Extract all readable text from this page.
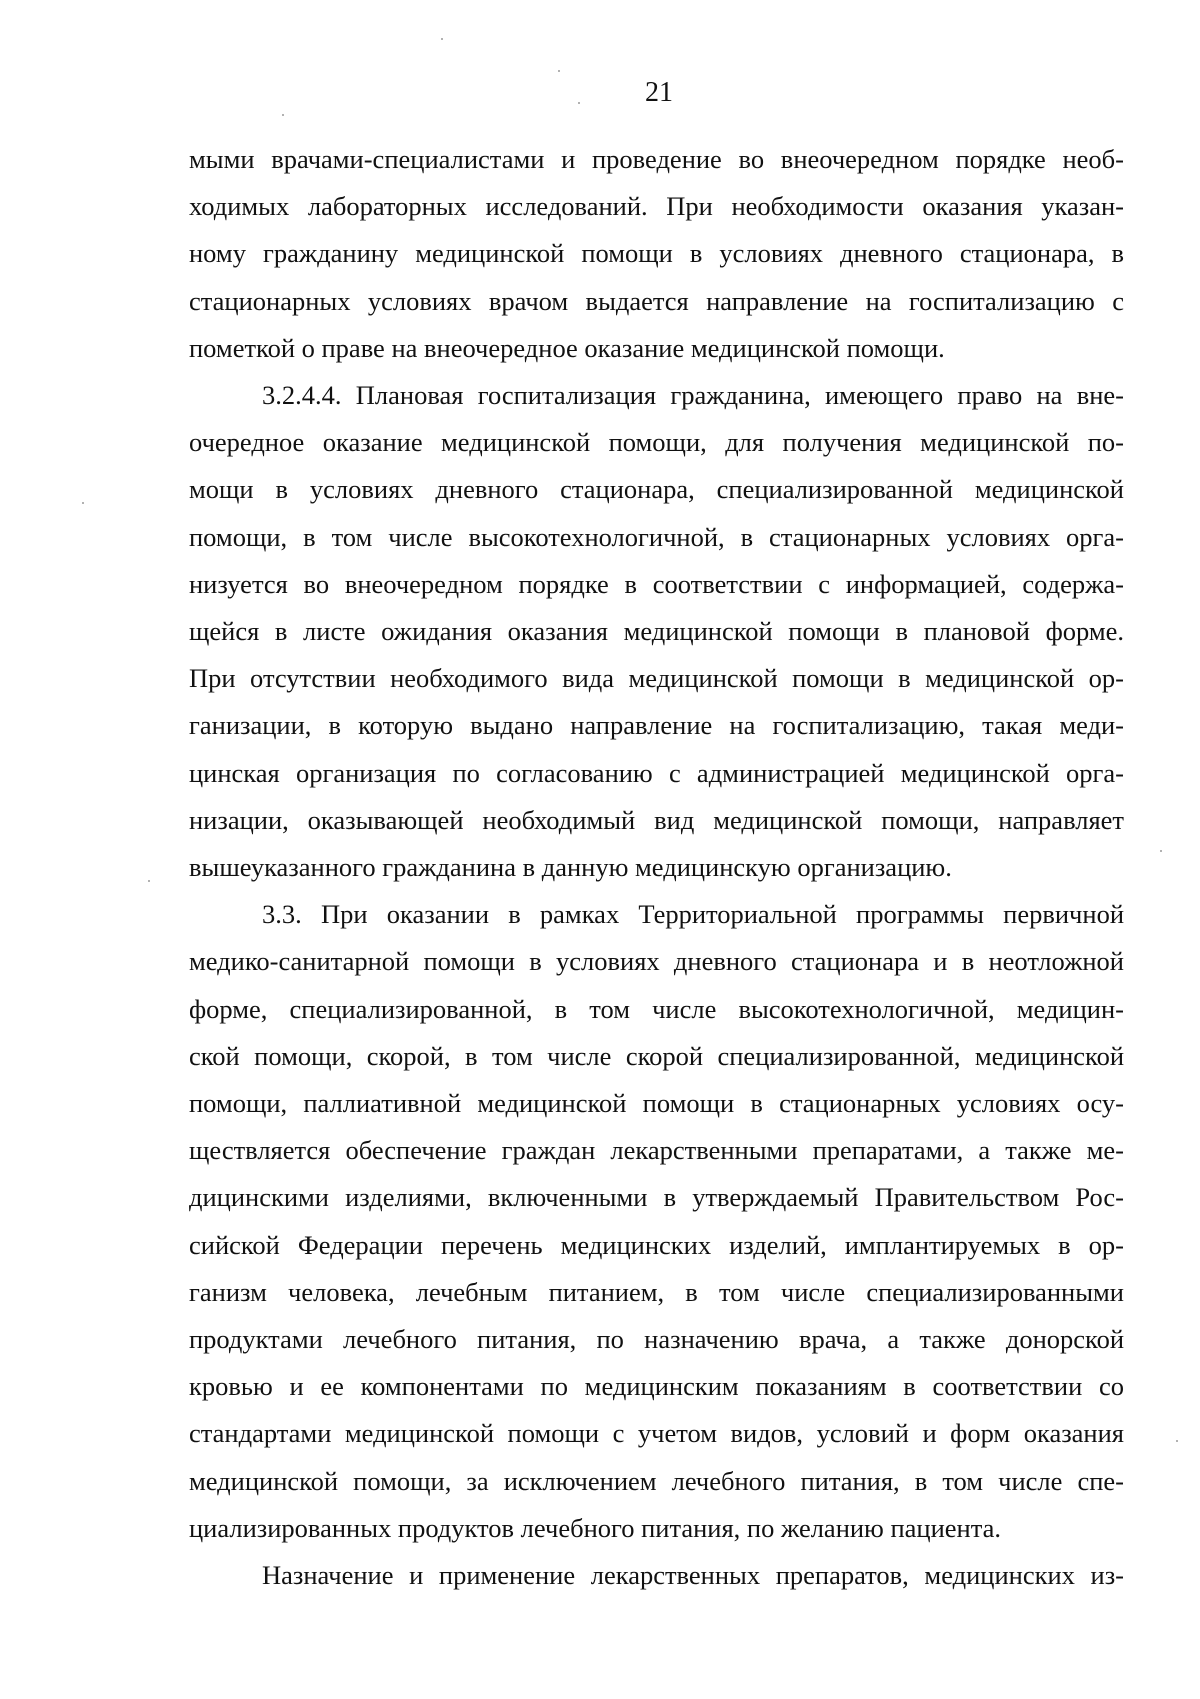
21

мыми врачами-специалистами и проведение во внеочередном порядке необ-
ходимых лабораторных исследований. При необходимости оказания указан-
ному гражданину медицинской помощи в условиях дневного стационара, в
стационарных условиях врачом выдается направление на госпитализацию с
пометкой о праве на внеочередное оказание медицинской помощи.

3.2.4.4. Плановая госпитализация гражданина, имеющего право на вне-
очередное оказание медицинской помощи, для получения медицинской по-
мощи в условиях дневного стационара, специализированной медицинской
помощи, в том числе высокотехнологичной, в стационарных условиях орга-
низуется во внеочередном порядке в соответствии с информацией, содержа-
щейся в листе ожидания оказания медицинской помощи в плановой форме.
При отсутствии необходимого вида медицинской помощи в медицинской ор-
ганизации, в которую выдано направление на госпитализацию, такая меди-
цинская организация по согласованию с администрацией медицинской орга-
низации, оказывающей необходимый вид медицинской помощи, направляет
вышеуказанного гражданина в данную медицинскую организацию.

3.3. При оказании в рамках Территориальной программы первичной
медико-санитарной помощи в условиях дневного стационара и в неотложной
форме, специализированной, в том числе высокотехнологичной, медицин-
ской помощи, скорой, в том числе скорой специализированной, медицинской
помощи, паллиативной медицинской помощи в стационарных условиях осу-
ществляется обеспечение граждан лекарственными препаратами, а также ме-
дицинскими изделиями, включенными в утверждаемый Правительством Рос-
сийской Федерации перечень медицинских изделий, имплантируемых в ор-
ганизм человека, лечебным питанием, в том числе специализированными
продуктами лечебного питания, по назначению врача, а также донорской
кровью и ее компонентами по медицинским показаниям в соответствии со
стандартами медицинской помощи с учетом видов, условий и форм оказания
медицинской помощи, за исключением лечебного питания, в том числе спе-
циализированных продуктов лечебного питания, по желанию пациента.

Назначение и применение лекарственных препаратов, медицинских из-
